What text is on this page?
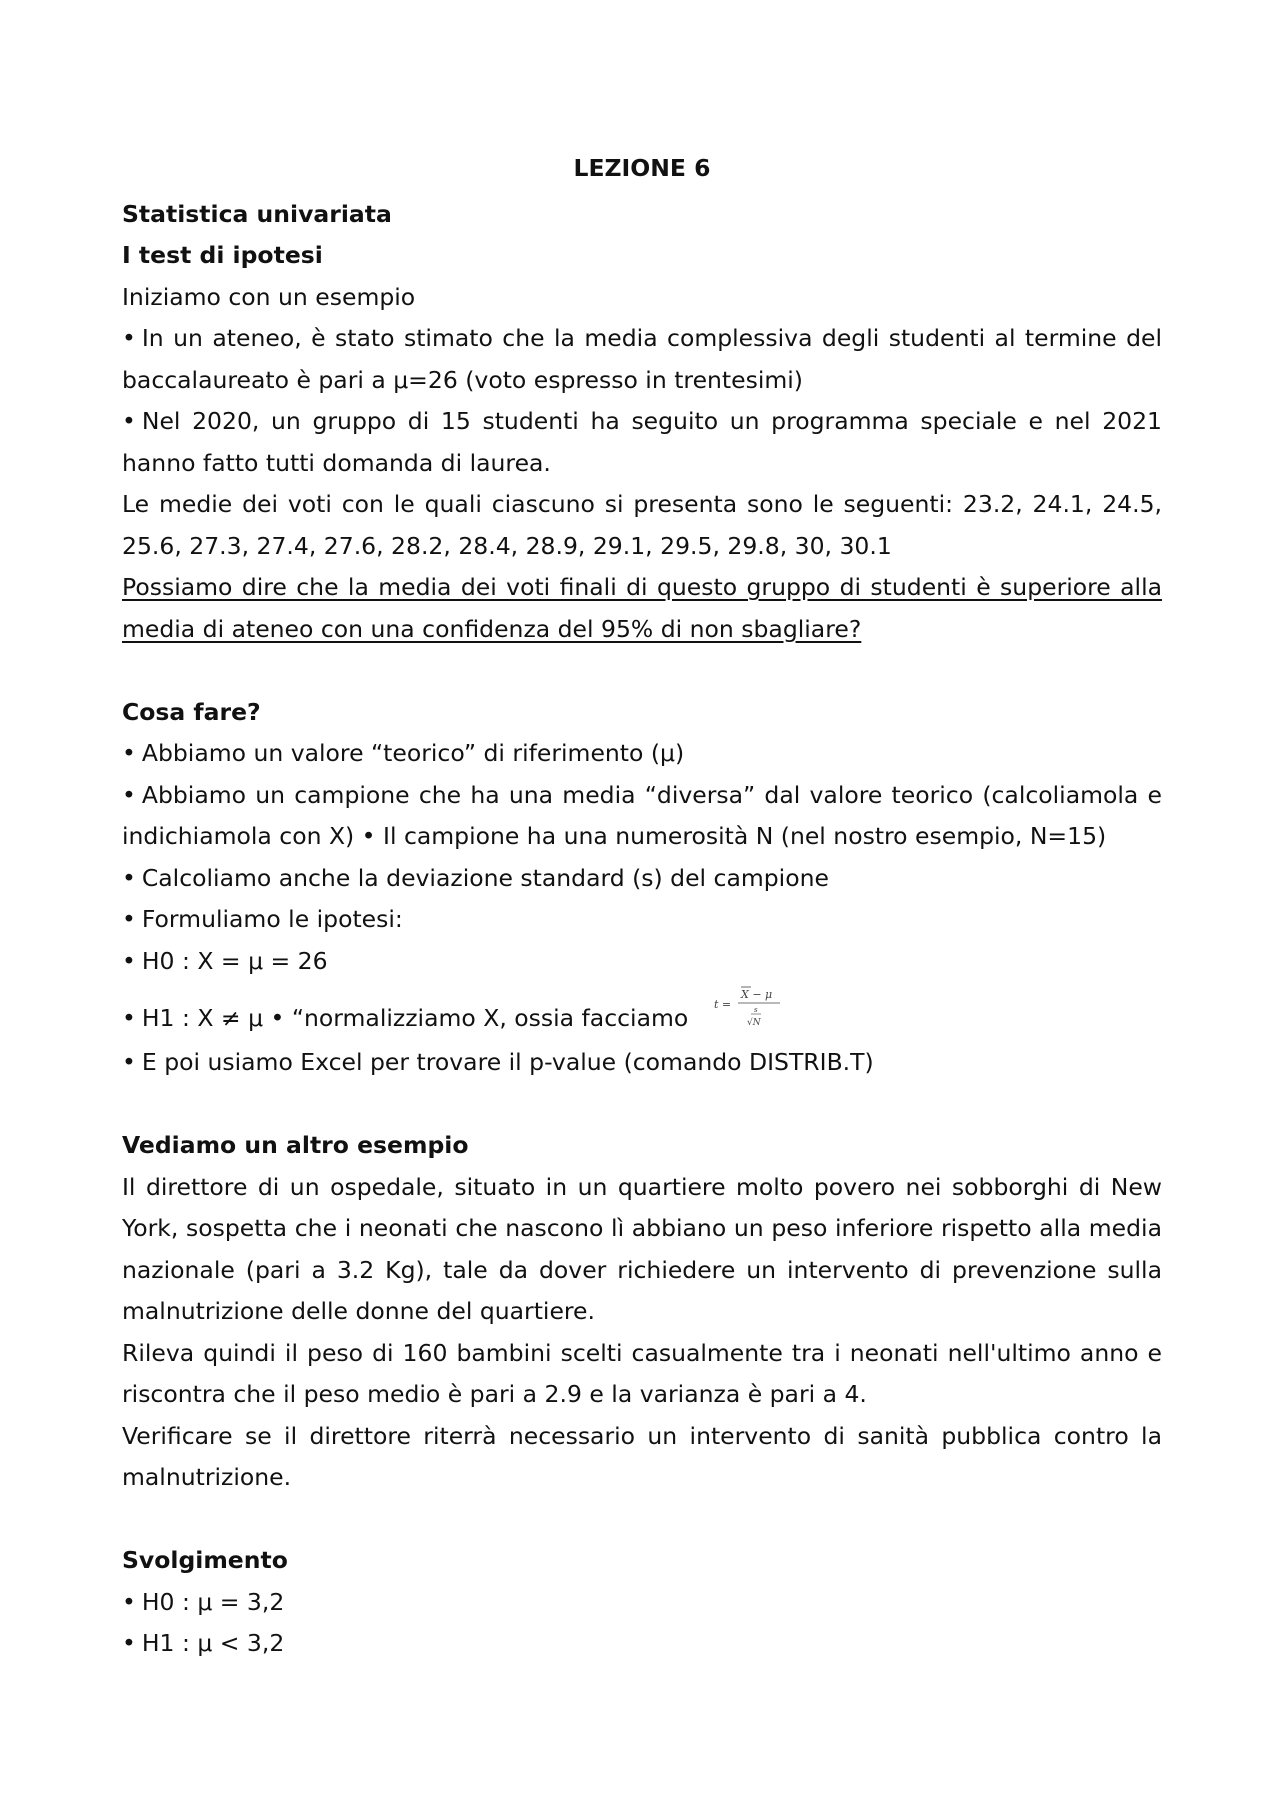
LEZIONE 6

Statistica univariata

I test di ipotesi

Iniziamo con un esempio

• In un ateneo, è stato stimato che la media complessiva degli studenti al termine del baccalaureato è pari a μ=26 (voto espresso in trentesimi)

• Nel 2020, un gruppo di 15 studenti ha seguito un programma speciale e nel 2021 hanno fatto tutti domanda di laurea.

Le medie dei voti con le quali ciascuno si presenta sono le seguenti: 23.2, 24.1, 24.5, 25.6, 27.3, 27.4, 27.6, 28.2, 28.4, 28.9, 29.1, 29.5, 29.8, 30, 30.1

Possiamo dire che la media dei voti finali di questo gruppo di studenti è superiore alla media di ateneo con una confidenza del 95% di non sbagliare?

Cosa fare?

• Abbiamo un valore “teorico” di riferimento (μ)

• Abbiamo un campione che ha una media “diversa” dal valore teorico (calcoliamola e indichiamola con X) • Il campione ha una numerosità N (nel nostro esempio, N=15)

• Calcoliamo anche la deviazione standard (s) del campione

• Formuliamo le ipotesi:

• H0 : X = μ = 26

• H1 : X ≠ μ • “normalizziamo X, ossia facciamo t =
X − μ
s
√N

• E poi usiamo Excel per trovare il p-value (comando DISTRIB.T)

Vediamo un altro esempio

Il direttore di un ospedale, situato in un quartiere molto povero nei sobborghi di New York, sospetta che i neonati che nascono lì abbiano un peso inferiore rispetto alla media nazionale (pari a 3.2 Kg), tale da dover richiedere un intervento di prevenzione sulla malnutrizione delle donne del quartiere.

Rileva quindi il peso di 160 bambini scelti casualmente tra i neonati nell'ultimo anno e riscontra che il peso medio è pari a 2.9 e la varianza è pari a 4.

Verificare se il direttore riterrà necessario un intervento di sanità pubblica contro la malnutrizione.

Svolgimento

• H0 : μ = 3,2

• H1 : μ < 3,2
